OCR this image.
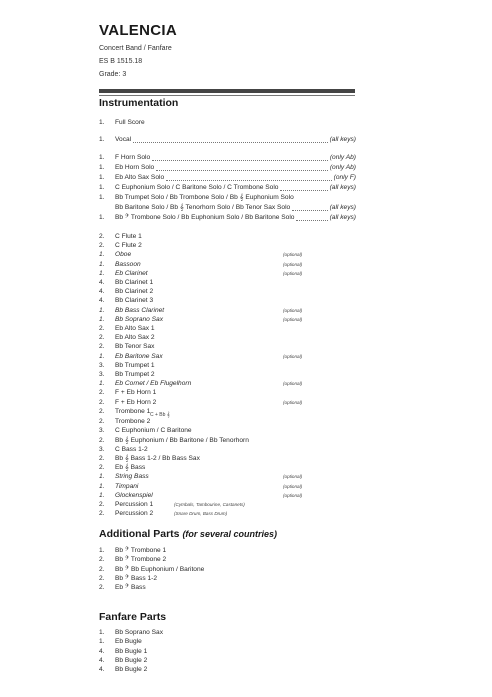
VALENCIA
Concert Band / Fanfare
ES B 1515.18
Grade: 3
Instrumentation
1.	Full Score
1.	Vocal	(all keys)
1.	F Horn Solo	(only Ab)
1.	Eb Horn Solo	(only Ab)
1.	Eb Alto Sax Solo	(only F)
1.	C Euphonium Solo / C Baritone Solo / C Trombone Solo	(all keys)
1.	Bb Trumpet Solo / Bb Trombone Solo / Bb 𝄞 Euphonium Solo
Bb Baritone Solo / Bb 𝄞 Tenorhorn Solo / Bb Tenor Sax Solo	(all keys)
1.	Bb 𝄢 Trombone Solo / Bb Euphonium Solo / Bb Baritone Solo	(all keys)
2.	C Flute 1
2.	C Flute 2
1.	Oboe	(optional)
1.	Bassoon	(optional)
1.	Eb Clarinet	(optional)
4.	Bb Clarinet 1
4.	Bb Clarinet 2
4.	Bb Clarinet 3
1.	Bb Bass Clarinet	(optional)
1.	Bb Soprano Sax	(optional)
2.	Eb Alto Sax 1
2.	Eb Alto Sax 2
2.	Bb Tenor Sax
1.	Eb Baritone Sax	(optional)
3.	Bb Trumpet 1
3.	Bb Trumpet 2
1.	Eb Cornet / Eb Flugelhorn	(optional)
2.	F + Eb Horn 1
2.	F + Eb Horn 2	(optional)
2.	Trombone 1
2.	Trombone 2
3.	C Euphonium / C Baritone
2.	Bb 𝄞 Euphonium / Bb Baritone / Bb Tenorhorn
3.	C Bass 1-2
2.	Bb 𝄞 Bass 1-2 / Bb Bass Sax
2.	Eb 𝄞 Bass
1.	String Bass	(optional)
1.	Timpani	(optional)
1.	Glockenspiel	(optional)
2.	Percussion 1	(Cymbals, Tambourine, Castanets)
2.	Percussion 2	(Snare Drum, Bass Drum)
C + Bb 𝄞
Additional Parts (for several countries)
1.	Bb 𝄢 Trombone 1
2.	Bb 𝄢 Trombone 2
2.	Bb 𝄢 Bb Euphonium / Baritone
2.	Bb 𝄢 Bass 1-2
2.	Eb 𝄢 Bass
Fanfare Parts
1.	Bb Soprano Sax
1.	Eb Bugle
4.	Bb Bugle 1
4.	Bb Bugle 2
4.	Bb Bugle 2
